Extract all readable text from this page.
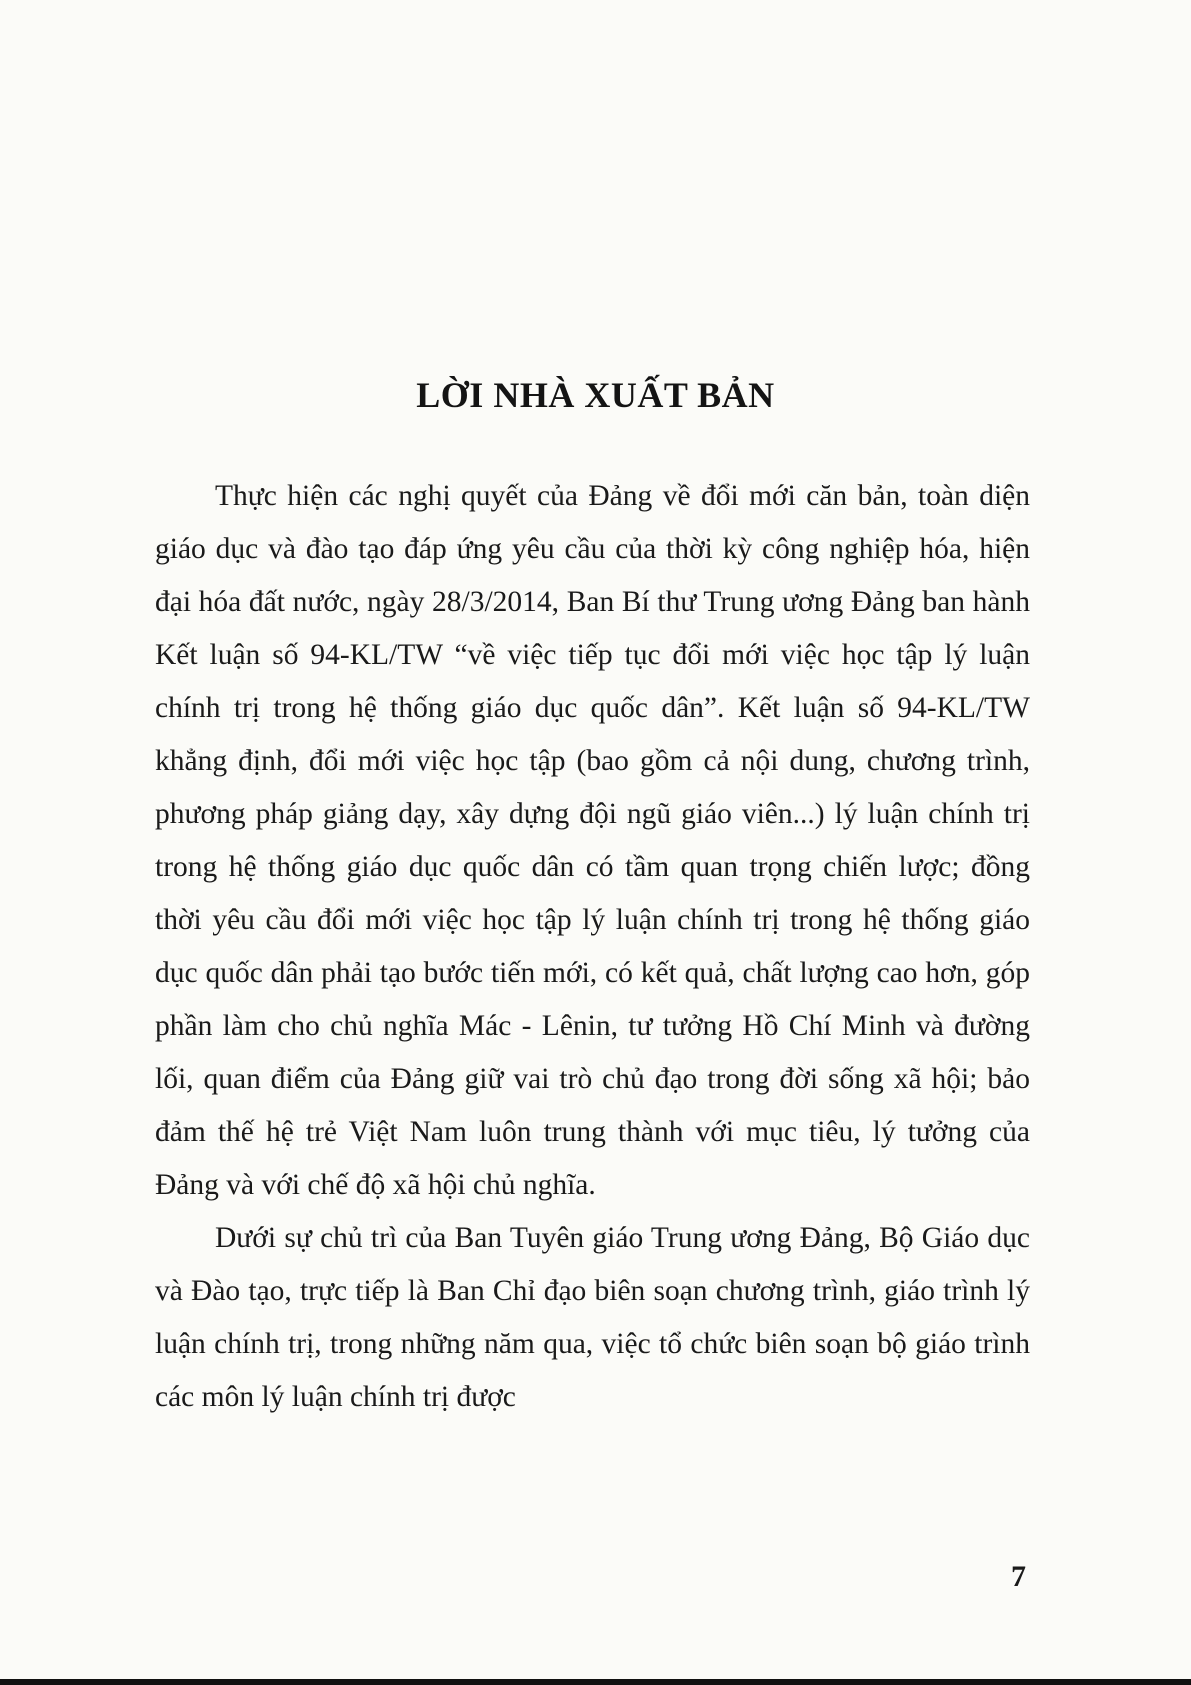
LỜI NHÀ XUẤT BẢN

Thực hiện các nghị quyết của Đảng về đổi mới căn bản, toàn diện giáo dục và đào tạo đáp ứng yêu cầu của thời kỳ công nghiệp hóa, hiện đại hóa đất nước, ngày 28/3/2014, Ban Bí thư Trung ương Đảng ban hành Kết luận số 94-KL/TW “về việc tiếp tục đổi mới việc học tập lý luận chính trị trong hệ thống giáo dục quốc dân”. Kết luận số 94-KL/TW khẳng định, đổi mới việc học tập (bao gồm cả nội dung, chương trình, phương pháp giảng dạy, xây dựng đội ngũ giáo viên...) lý luận chính trị trong hệ thống giáo dục quốc dân có tầm quan trọng chiến lược; đồng thời yêu cầu đổi mới việc học tập lý luận chính trị trong hệ thống giáo dục quốc dân phải tạo bước tiến mới, có kết quả, chất lượng cao hơn, góp phần làm cho chủ nghĩa Mác - Lênin, tư tưởng Hồ Chí Minh và đường lối, quan điểm của Đảng giữ vai trò chủ đạo trong đời sống xã hội; bảo đảm thế hệ trẻ Việt Nam luôn trung thành với mục tiêu, lý tưởng của Đảng và với chế độ xã hội chủ nghĩa.

Dưới sự chủ trì của Ban Tuyên giáo Trung ương Đảng, Bộ Giáo dục và Đào tạo, trực tiếp là Ban Chỉ đạo biên soạn chương trình, giáo trình lý luận chính trị, trong những năm qua, việc tổ chức biên soạn bộ giáo trình các môn lý luận chính trị được

7
